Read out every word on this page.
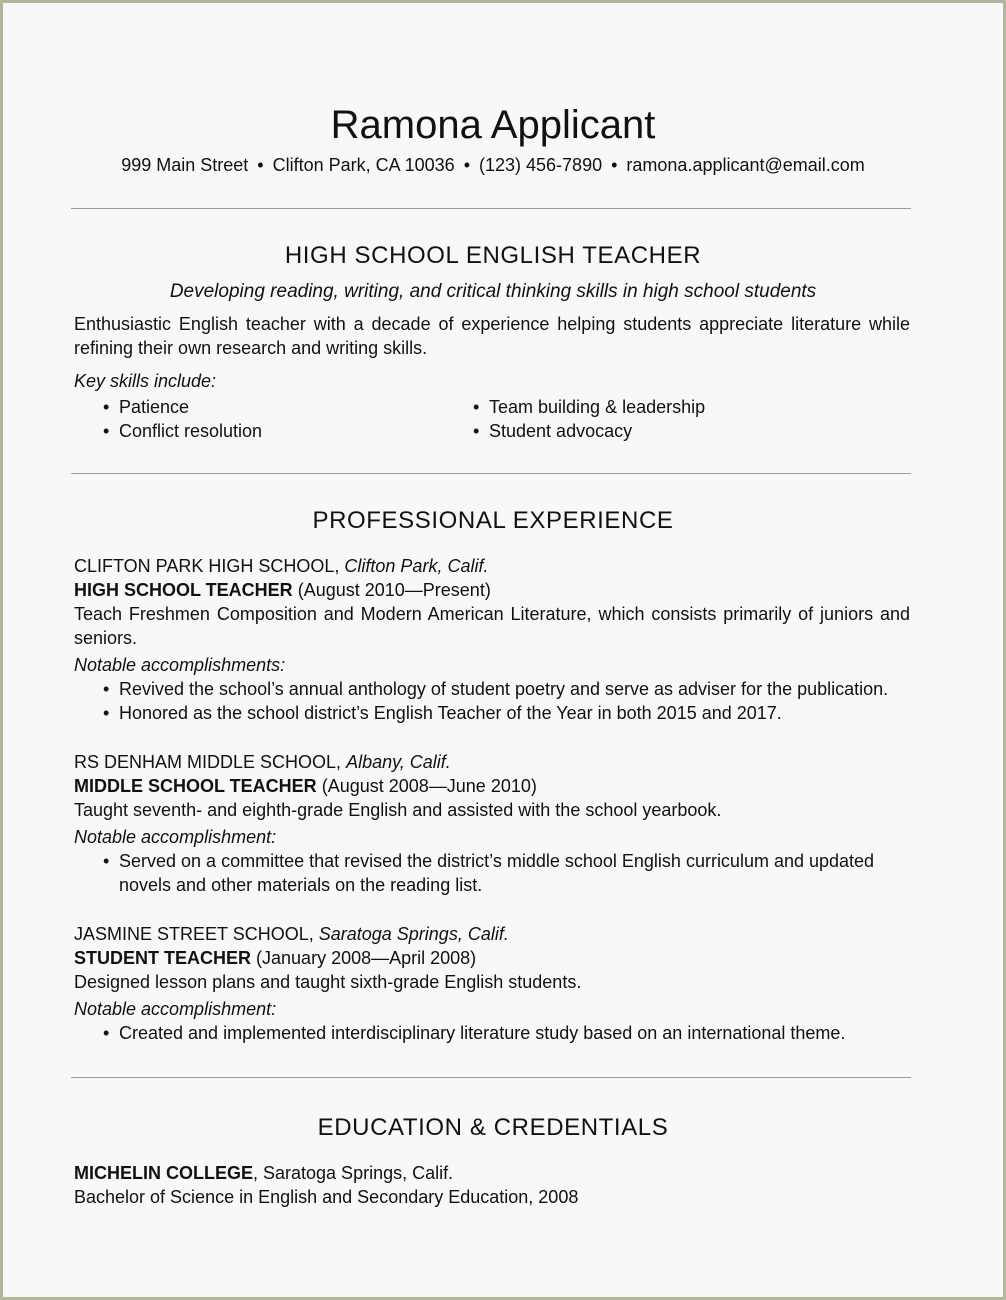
Ramona Applicant
999 Main Street • Clifton Park, CA 10036 • (123) 456-7890 • ramona.applicant@email.com
HIGH SCHOOL ENGLISH TEACHER
Developing reading, writing, and critical thinking skills in high school students
Enthusiastic English teacher with a decade of experience helping students appreciate literature while refining their own research and writing skills.
Key skills include:
• Patience
• Conflict resolution
• Team building & leadership
• Student advocacy
PROFESSIONAL EXPERIENCE
CLIFTON PARK HIGH SCHOOL, Clifton Park, Calif.
HIGH SCHOOL TEACHER (August 2010—Present)
Teach Freshmen Composition and Modern American Literature, which consists primarily of juniors and seniors.
Notable accomplishments:
• Revived the school’s annual anthology of student poetry and serve as adviser for the publication.
• Honored as the school district’s English Teacher of the Year in both 2015 and 2017.
RS DENHAM MIDDLE SCHOOL, Albany, Calif.
MIDDLE SCHOOL TEACHER (August 2008—June 2010)
Taught seventh- and eighth-grade English and assisted with the school yearbook.
Notable accomplishment:
• Served on a committee that revised the district’s middle school English curriculum and updated novels and other materials on the reading list.
JASMINE STREET SCHOOL, Saratoga Springs, Calif.
STUDENT TEACHER (January 2008—April 2008)
Designed lesson plans and taught sixth-grade English students.
Notable accomplishment:
• Created and implemented interdisciplinary literature study based on an international theme.
EDUCATION & CREDENTIALS
MICHELIN COLLEGE, Saratoga Springs, Calif.
Bachelor of Science in English and Secondary Education, 2008
